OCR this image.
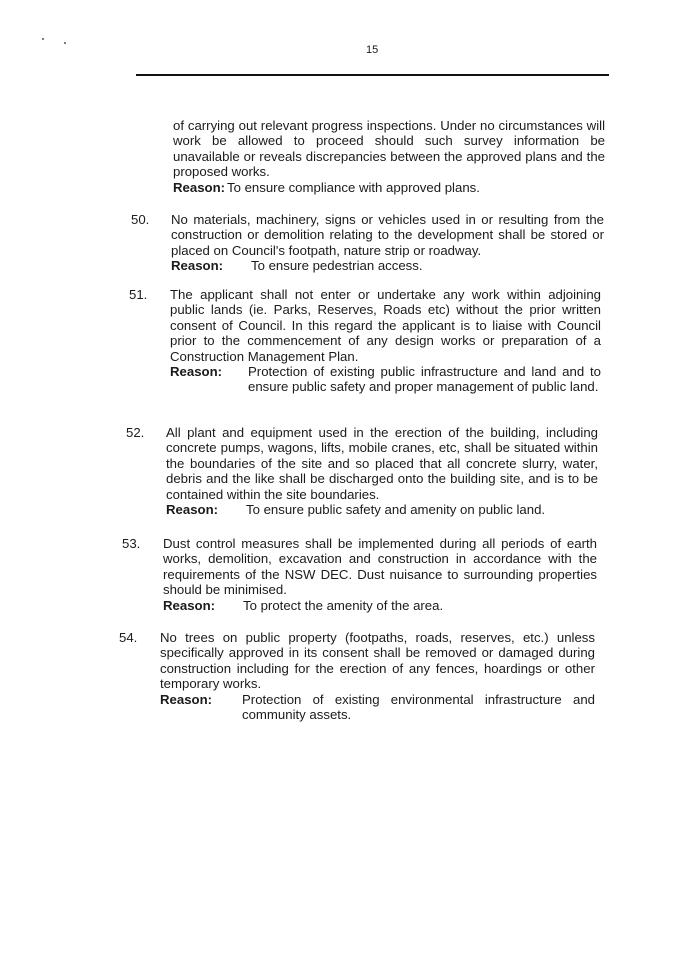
15

of carrying out relevant progress inspections. Under no circumstances will work be allowed to proceed should such survey information be unavailable or reveals discrepancies between the approved plans and the proposed works.

Reason: To ensure compliance with approved plans.
50. No materials, machinery, signs or vehicles used in or resulting from the construction or demolition relating to the development shall be stored or placed on Council's footpath, nature strip or roadway.

Reason:	To ensure pedestrian access.
51. The applicant shall not enter or undertake any work within adjoining public lands (ie. Parks, Reserves, Roads etc) without the prior written consent of Council. In this regard the applicant is to liaise with Council prior to the commencement of any design works or preparation of a Construction Management Plan.

Reason:	Protection of existing public infrastructure and land and to ensure public safety and proper management of public land.
52. All plant and equipment used in the erection of the building, including concrete pumps, wagons, lifts, mobile cranes, etc, shall be situated within the boundaries of the site and so placed that all concrete slurry, water, debris and the like shall be discharged onto the building site, and is to be contained within the site boundaries.

Reason:	To ensure public safety and amenity on public land.
53. Dust control measures shall be implemented during all periods of earth works, demolition, excavation and construction in accordance with the requirements of the NSW DEC. Dust nuisance to surrounding properties should be minimised.

Reason:	To protect the amenity of the area.
54. No trees on public property (footpaths, roads, reserves, etc.) unless specifically approved in its consent shall be removed or damaged during construction including for the erection of any fences, hoardings or other temporary works.

Reason:	Protection of existing environmental infrastructure and community assets.
